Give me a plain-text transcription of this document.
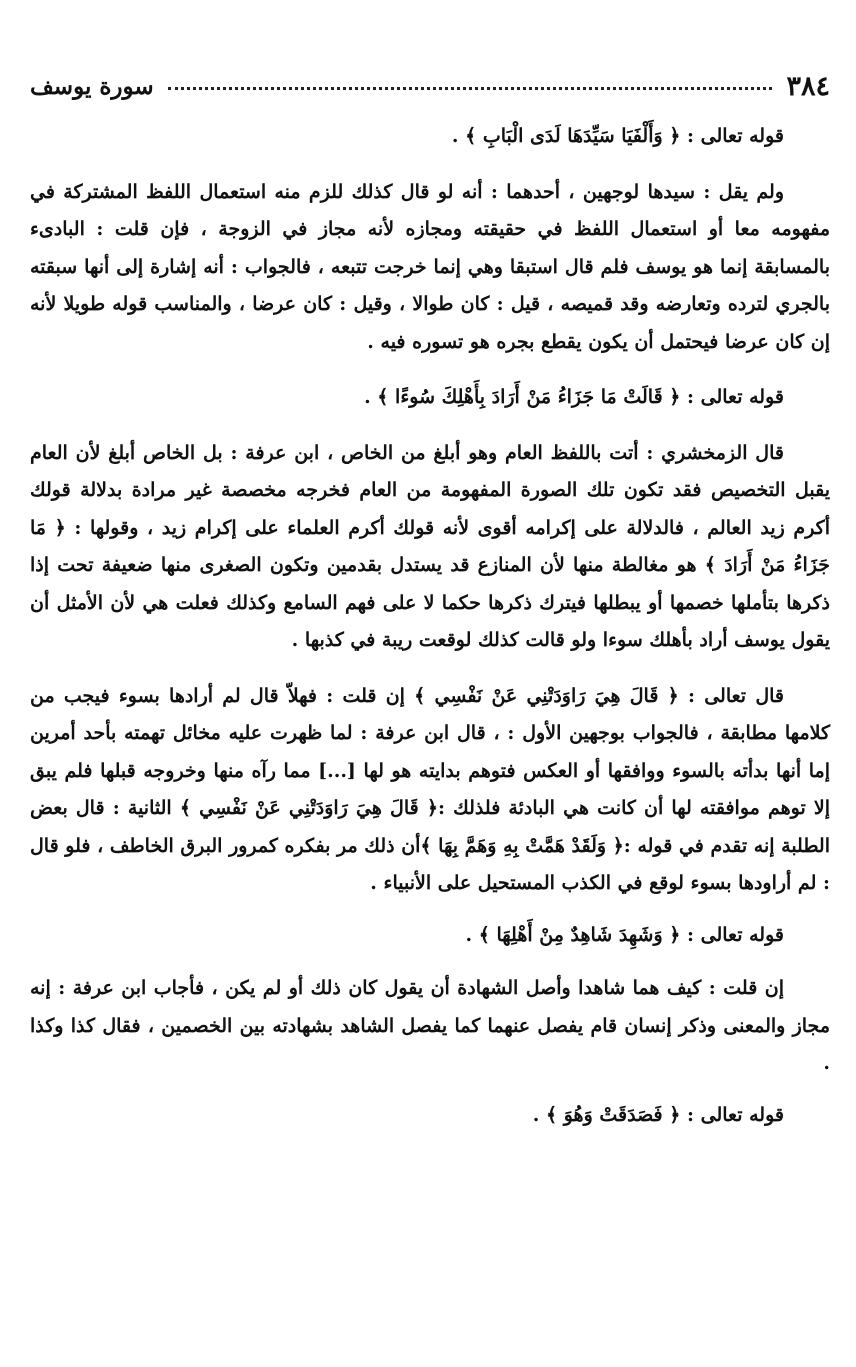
٣٨٤
سورة يوسف

قوله تعالى : ﴿ وَأَلْفَيَا سَيِّدَهَا لَدَى الْبَابِ ﴾ .

ولم يقل : سيدها لوجهين ، أحدهما : أنه لو قال كذلك للزم منه استعمال اللفظ المشتركة في مفهومه معا أو استعمال اللفظ في حقيقته ومجازه لأنه مجاز في الزوجة ، فإن قلت : البادىء بالمسابقة إنما هو يوسف فلم قال استبقا وهي إنما خرجت تتبعه ، فالجواب : أنه إشارة إلى أنها سبقته بالجري لترده وتعارضه وقد قميصه ، قيل : كان طوالا ، وقيل : كان عرضا ، والمناسب قوله طويلا لأنه إن كان عرضا فيحتمل أن يكون يقطع بجره هو تسوره فيه .

قوله تعالى : ﴿ قَالَتْ مَا جَزَاءُ مَنْ أَرَادَ بِأَهْلِكَ سُوءًا ﴾ .

قال الزمخشري : أتت باللفظ العام وهو أبلغ من الخاص ، ابن عرفة : بل الخاص أبلغ لأن العام يقبل التخصيص فقد تكون تلك الصورة المفهومة من العام فخرجه مخصصة غير مرادة بدلالة قولك أكرم زيد العالم ، فالدلالة على إكرامه أقوى لأنه قولك أكرم العلماء على إكرام زيد ، وقولها : ﴿ مَا جَزَاءُ مَنْ أَرَادَ ﴾ هو مغالطة منها لأن المنازع قد يستدل بقدمين وتكون الصغرى منها ضعيفة تحت إذا ذكرها بتأملها خصمها أو يبطلها فيترك ذكرها حكما لا على فهم السامع وكذلك فعلت هي لأن الأمثل أن يقول يوسف أراد بأهلك سوءا ولو قالت كذلك لوقعت ريبة في كذبها .

قال تعالى : ﴿ قَالَ هِيَ رَاوَدَتْنِي عَنْ نَفْسِي ﴾ إن قلت : فهلاّ قال لم أرادها بسوء فيجب من كلامها مطابقة ، فالجواب بوجهين الأول : ، قال ابن عرفة : لما ظهرت عليه مخائل تهمته بأحد أمرين إما أنها بدأته بالسوء ووافقها أو العكس فتوهم بدايته هو لها [...] مما رآه منها وخروجه قبلها فلم يبق إلا توهم موافقته لها أن كانت هي البادئة فلذلك :﴿ قَالَ هِيَ رَاوَدَتْنِي عَنْ نَفْسِي ﴾ الثانية : قال بعض الطلبة إنه تقدم في قوله :﴿ وَلَقَدْ هَمَّتْ بِهِ وَهَمَّ بِهَا ﴾أن ذلك مر بفكره كمرور البرق الخاطف ، فلو قال : لم أراودها بسوء لوقع في الكذب المستحيل على الأنبياء .

قوله تعالى : ﴿ وَشَهِدَ شَاهِدٌ مِنْ أَهْلِهَا ﴾ .

إن قلت : كيف هما شاهدا وأصل الشهادة أن يقول كان ذلك أو لم يكن ، فأجاب ابن عرفة : إنه مجاز والمعنى وذكر إنسان قام يفصل عنهما كما يفصل الشاهد بشهادته بين الخصمين ، فقال كذا وكذا .

قوله تعالى : ﴿ فَصَدَقَتْ وَهُوَ ﴾ .
